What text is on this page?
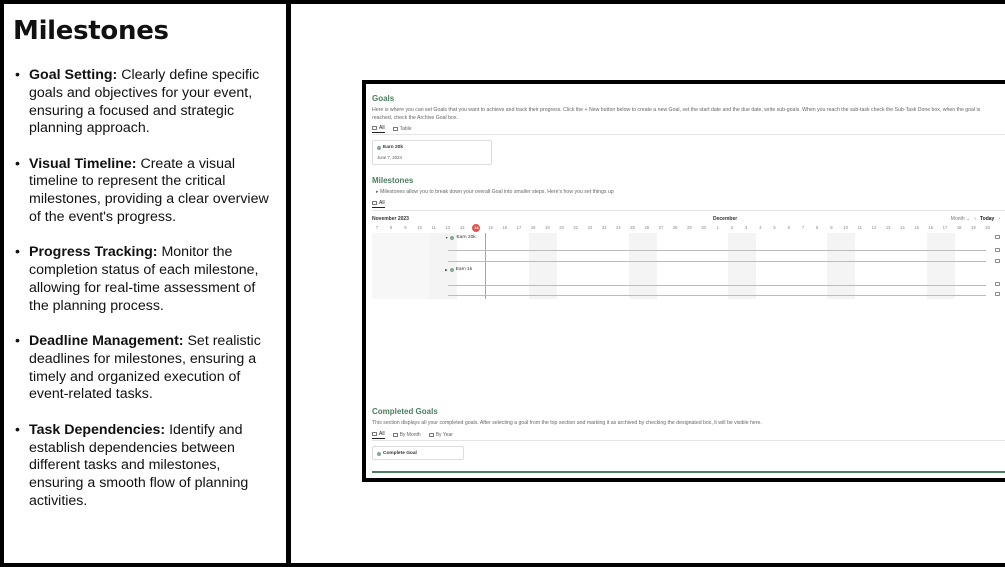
Milestones
• Goal Setting: Clearly define specific goals and objectives for your event, ensuring a focused and strategic planning approach.
• Visual Timeline: Create a visual timeline to represent the critical milestones, providing a clear overview of the event's progress.
• Progress Tracking: Monitor the completion status of each milestone, allowing for real-time assessment of the planning process.
• Deadline Management: Set realistic deadlines for milestones, ensuring a timely and organized execution of event-related tasks.
• Task Dependencies: Identify and establish dependencies between different tasks and milestones, ensuring a smooth flow of planning activities.
Goals
Here is where you can set Goals that you want to achieve and track their progress. Click the + New button below to create a new Goal, set the start date and the due date, write sub-goals. When you reach the sub-task check the Sub-Task Done box, when the goal is reached, check the Archive Goal box.
All	Table
Earn 20k
June 7, 2024
Milestones
▸ Milestones allow you to break down your overall Goal into smaller steps. Here's how you set things up
All
November 2023	December	Month ⌄ ‹ Today ›
7	8	9	10	11	12	13	14	15	16	17	18	19	20	21	22	23	24	25	26	27	28	29	30	1	2	3	4	5	6	7	8	9	10	11	12	13	14	15	16	17	18	19	20
▼ Earn 20k
▶ Earn 1k
Completed Goals
This section displays all your completed goals. After selecting a goal from the top section and marking it as archived by checking the designated box, it will be visible here.
All	By Month	By Year
Complete Goal
